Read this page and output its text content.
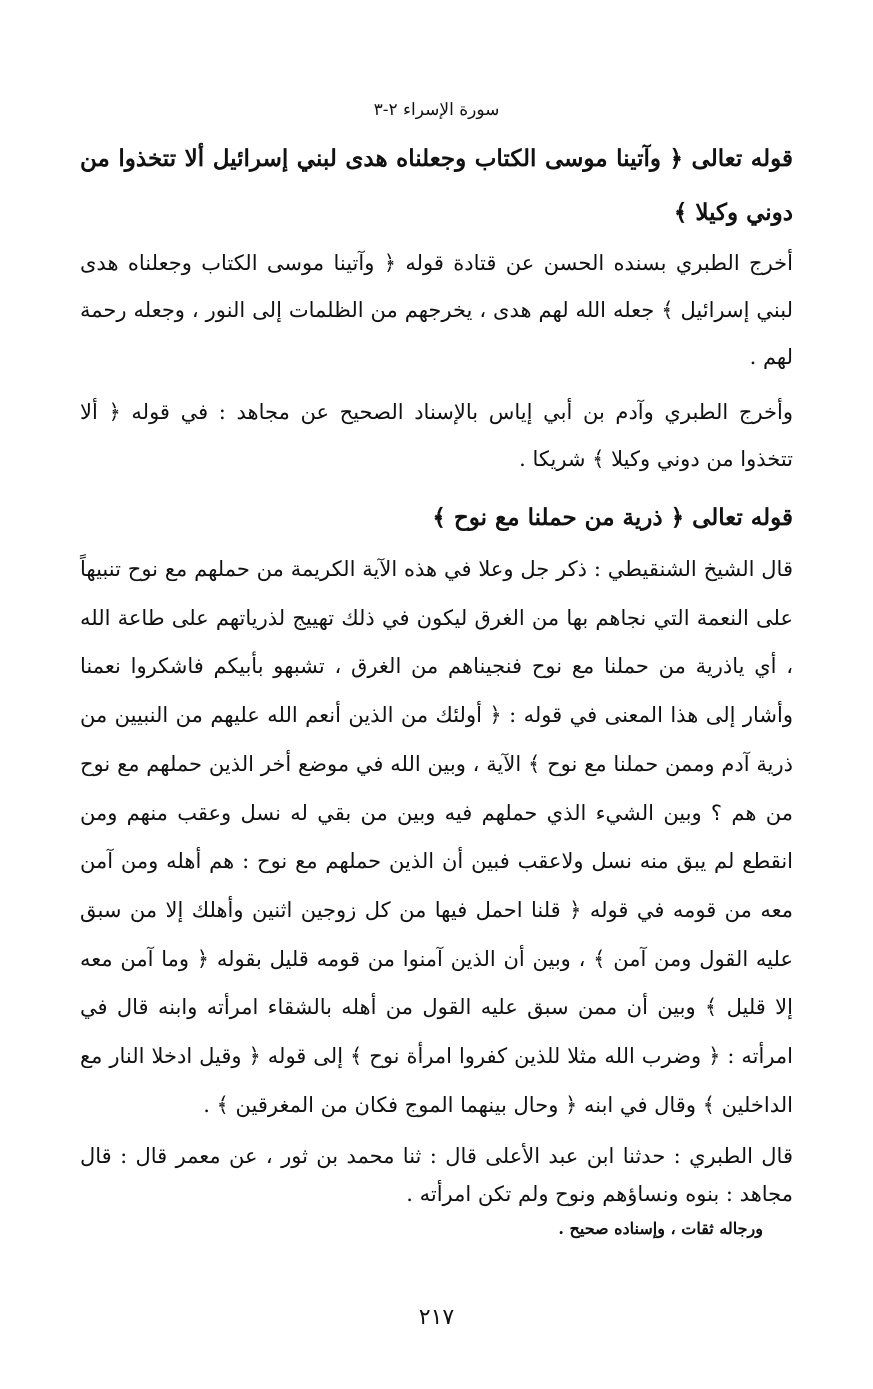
سورة الإسراء ٢-٣

قوله تعالى ﴿ وآتينا موسى الكتاب وجعلناه هدى لبني إسرائيل ألا تتخذوا من دوني وكيلا ﴾

أخرج الطبري بسنده الحسن عن قتادة قوله ﴿ وآتينا موسى الكتاب وجعلناه هدى لبني إسرائيل ﴾ جعله الله لهم هدى ، يخرجهم من الظلمات إلى النور ، وجعله رحمة لهم .

وأخرج الطبري وآدم بن أبي إياس بالإسناد الصحيح عن مجاهد : في قوله ﴿ ألا تتخذوا من دوني وكيلا ﴾ شريكا .

قوله تعالى ﴿ ذرية من حملنا مع نوح ﴾

قال الشيخ الشنقيطي : ذكر جل وعلا في هذه الآية الكريمة من حملهم مع نوح تنبيهاً على النعمة التي نجاهم بها من الغرق ليكون في ذلك تهييج لذرياتهم على طاعة الله ، أي ياذرية من حملنا مع نوح فنجيناهم من الغرق ، تشبهو بأبيكم فاشكروا نعمنا وأشار إلى هذا المعنى في قوله : ﴿ أولئك من الذين أنعم الله عليهم من النبيين من ذرية آدم وممن حملنا مع نوح ﴾ الآية ، وبين الله في موضع أخر الذين حملهم مع نوح من هم ؟ وبين الشيء الذي حملهم فيه وبين من بقي له نسل وعقب منهم ومن انقطع لم يبق منه نسل ولاعقب فبين أن الذين حملهم مع نوح : هم أهله ومن آمن معه من قومه في قوله ﴿ قلنا احمل فيها من كل زوجين اثنين وأهلك إلا من سبق عليه القول ومن آمن ﴾ ، وبين أن الذين آمنوا من قومه قليل بقوله ﴿ وما آمن معه إلا قليل ﴾ وبين أن ممن سبق عليه القول من أهله بالشقاء امرأته وابنه قال في امرأته : ﴿ وضرب الله مثلا للذين كفروا امرأة نوح ﴾ إلى قوله ﴿ وقيل ادخلا النار مع الداخلين ﴾ وقال في ابنه ﴿ وحال بينهما الموج فكان من المغرقين ﴾ .

قال الطبري : حدثنا ابن عبد الأعلى قال : ثنا محمد بن ثور ، عن معمر قال : قال مجاهد : بنوه ونساؤهم ونوح ولم تكن امرأته .

ورجاله ثقات ، وإسناده صحيح .

٢١٧
